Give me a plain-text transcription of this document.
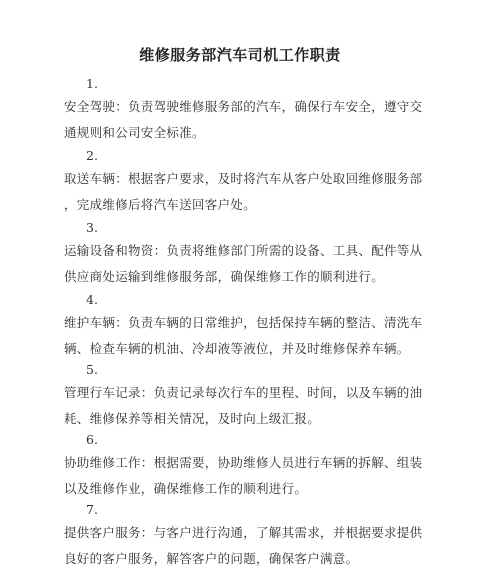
维修服务部汽车司机工作职责
1.
安全驾驶：负责驾驶维修服务部的汽车，确保行车安全，遵守交
通规则和公司安全标准。
2.
取送车辆：根据客户要求，及时将汽车从客户处取回维修服务部
，完成维修后将汽车送回客户处。
3.
运输设备和物资：负责将维修部门所需的设备、工具、配件等从
供应商处运输到维修服务部，确保维修工作的顺利进行。
4.
维护车辆：负责车辆的日常维护，包括保持车辆的整洁、清洗车
辆、检查车辆的机油、冷却液等液位，并及时维修保养车辆。
5.
管理行车记录：负责记录每次行车的里程、时间，以及车辆的油
耗、维修保养等相关情况，及时向上级汇报。
6.
协助维修工作：根据需要，协助维修人员进行车辆的拆解、组装
以及维修作业，确保维修工作的顺利进行。
7.
提供客户服务：与客户进行沟通，了解其需求，并根据要求提供
良好的客户服务，解答客户的问题，确保客户满意。
